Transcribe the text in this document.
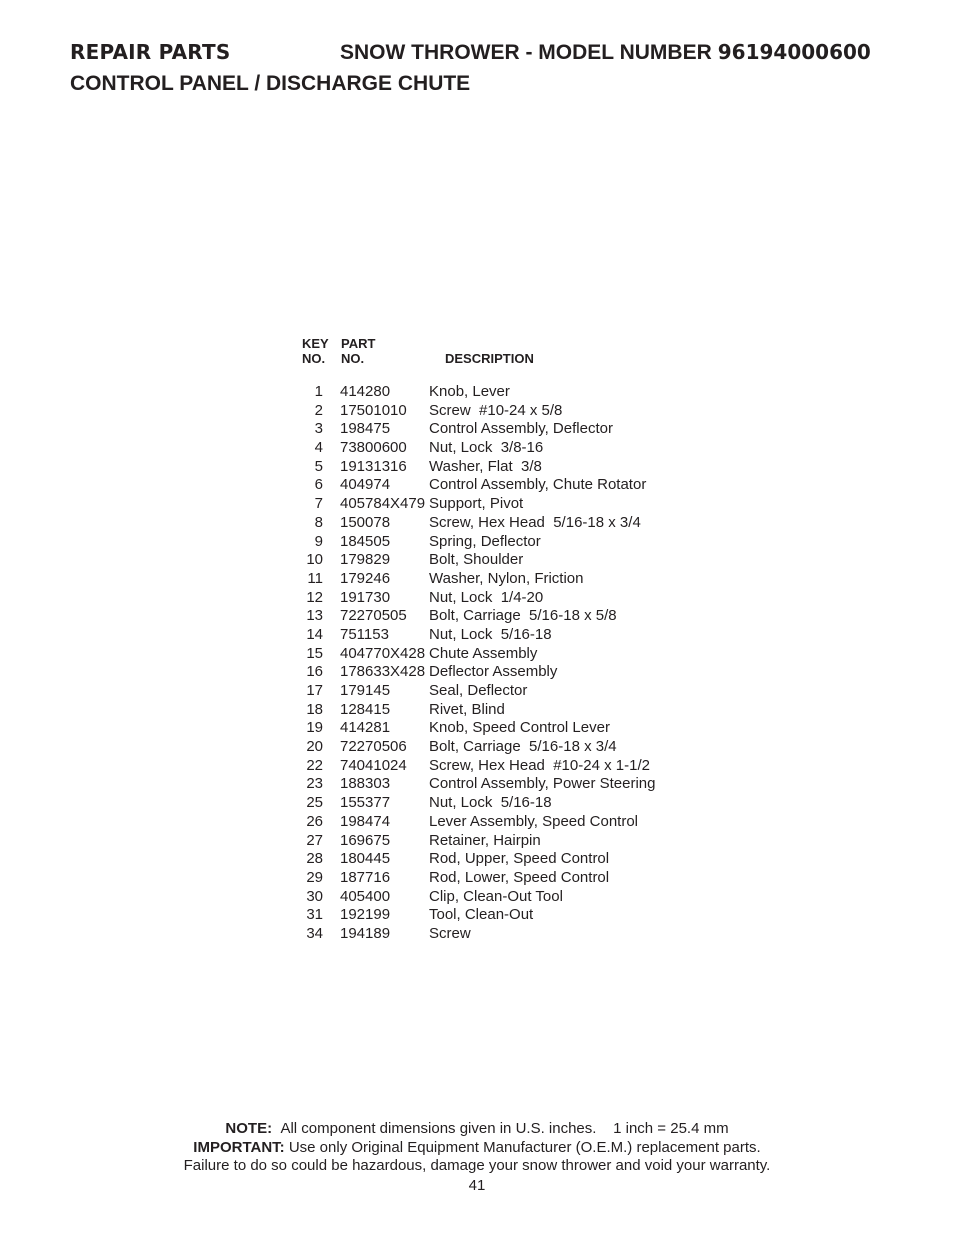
REPAIR PARTS	SNOW THROWER - MODEL NUMBER 96194000600
CONTROL PANEL / DISCHARGE CHUTE
KEY
NO.
PART
NO.	DESCRIPTION
1	414280	Knob, Lever
2	17501010	Screw  #10-24 x 5/8
3	198475	Control Assembly, Deflector
4	73800600	Nut, Lock  3/8-16
5	19131316	Washer, Flat  3/8
6	404974	Control Assembly, Chute Rotator
7	405784X479 Support, Pivot
8	150078	Screw, Hex Head  5/16-18 x 3/4
9	184505	Spring, Deflector
10	179829	Bolt, Shoulder
11	179246	Washer, Nylon, Friction
12	191730	Nut, Lock  1/4-20
13	72270505	Bolt, Carriage  5/16-18 x 5/8
14	751153	Nut, Lock  5/16-18
15	404770X428 Chute Assembly
16	178633X428 Deflector Assembly
17	179145	Seal, Deflector
18	128415	Rivet, Blind
19	414281	Knob, Speed Control Lever
20	72270506	Bolt, Carriage  5/16-18 x 3/4
22	74041024	Screw, Hex Head  #10-24 x 1-1/2
23	188303	Control Assembly, Power Steering
25	155377	Nut, Lock  5/16-18
26	198474	Lever Assembly, Speed Control
27	169675	Retainer, Hairpin
28	180445	Rod, Upper, Speed Control
29	187716	Rod, Lower, Speed Control
30	405400	Clip, Clean-Out Tool
31	192199	Tool, Clean-Out
34	194189	Screw
NOTE: All component dimensions given in U.S. inches.    1 inch = 25.4 mm
IMPORTANT: Use only Original Equipment Manufacturer (O.E.M.) replacement parts.
Failure to do so could be hazardous, damage your snow thrower and void your warranty.
41
